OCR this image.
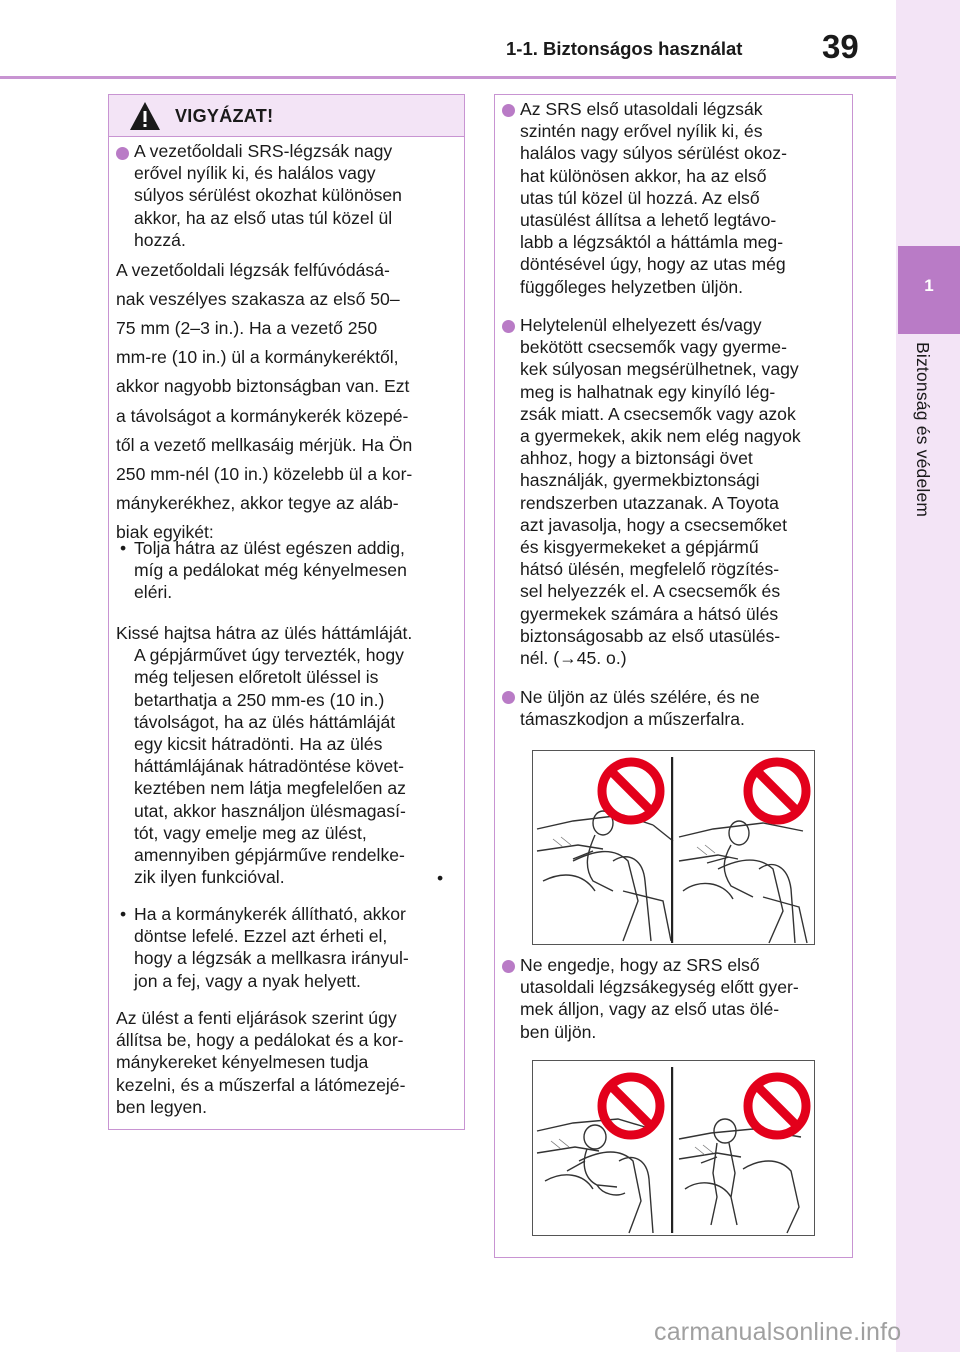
1-1. Biztonságos használat 39
1
Biztonság és védelem
VIGYÁZAT!
A vezetőoldali SRS-légzsák nagy
erővel nyílik ki, és halálos vagy
súlyos sérülést okozhat különösen
akkor, ha az első utas túl közel ül
hozzá.
A vezetőoldali légzsák felfúvódásá-
nak veszélyes szakasza az első 50–
75 mm (2–3 in.). Ha a vezető 250
mm-re (10 in.) ül a kormánykeréktől,
akkor nagyobb biztonságban van. Ezt
a távolságot a kormánykerék közepé-
től a vezető mellkasáig mérjük. Ha Ön
250 mm-nél (10 in.) közelebb ül a kor-
mánykerékhez, akkor tegye az aláb-
biak egyikét:
• Tolja hátra az ülést egészen addig,
míg a pedálokat még kényelmesen
eléri.
Kissé hajtsa hátra az ülés háttámláját.
A gépjárművet úgy tervezték, hogy
még teljesen előretolt üléssel is
betarthatja a 250 mm-es (10 in.)
távolságot, ha az ülés háttámláját
egy kicsit hátradönti. Ha az ülés
háttámlájának hátradöntése követ-
keztében nem látja megfelelően az
utat, akkor használjon ülésmagasí-
tót, vagy emelje meg az ülést,
amennyiben gépjárműve rendelke-
zik ilyen funkcióval.	•
• Ha a kormánykerék állítható, akkor
döntse lefelé. Ezzel azt érheti el,
hogy a légzsák a mellkasra irányul-
jon a fej, vagy a nyak helyett.
Az ülést a fenti eljárások szerint úgy
állítsa be, hogy a pedálokat és a kor-
mánykereket kényelmesen tudja
kezelni, és a műszerfal a látómezejé-
ben legyen.
Az SRS első utasoldali légzsák
szintén nagy erővel nyílik ki, és
halálos vagy súlyos sérülést okoz-
hat különösen akkor, ha az első
utas túl közel ül hozzá. Az első
utasülést állítsa a lehető legtávo-
labb a légzsáktól a háttámla meg-
döntésével úgy, hogy az utas még
függőleges helyzetben üljön.
Helytelenül elhelyezett és/vagy
bekötött csecsemők vagy gyerme-
kek súlyosan megsérülhetnek, vagy
meg is halhatnak egy kinyíló lég-
zsák miatt. A csecsemők vagy azok
a gyermekek, akik nem elég nagyok
ahhoz, hogy a biztonsági övet
használják, gyermekbiztonsági
rendszerben utazzanak. A Toyota
azt javasolja, hogy a csecsemőket
és kisgyermekeket a gépjármű
hátsó ülésén, megfelelő rögzítés-
sel helyezzék el. A csecsemők és
gyermekek számára a hátsó ülés
biztonságosabb az első utasülés-
nél. (→45. o.)
Ne üljön az ülés szélére, és ne
támaszkodjon a műszerfalra.
Ne engedje, hogy az SRS első
utasoldali légzsákegység előtt gyer-
mek álljon, vagy az első utas ölé-
ben üljön.
carmanualsonline.info
